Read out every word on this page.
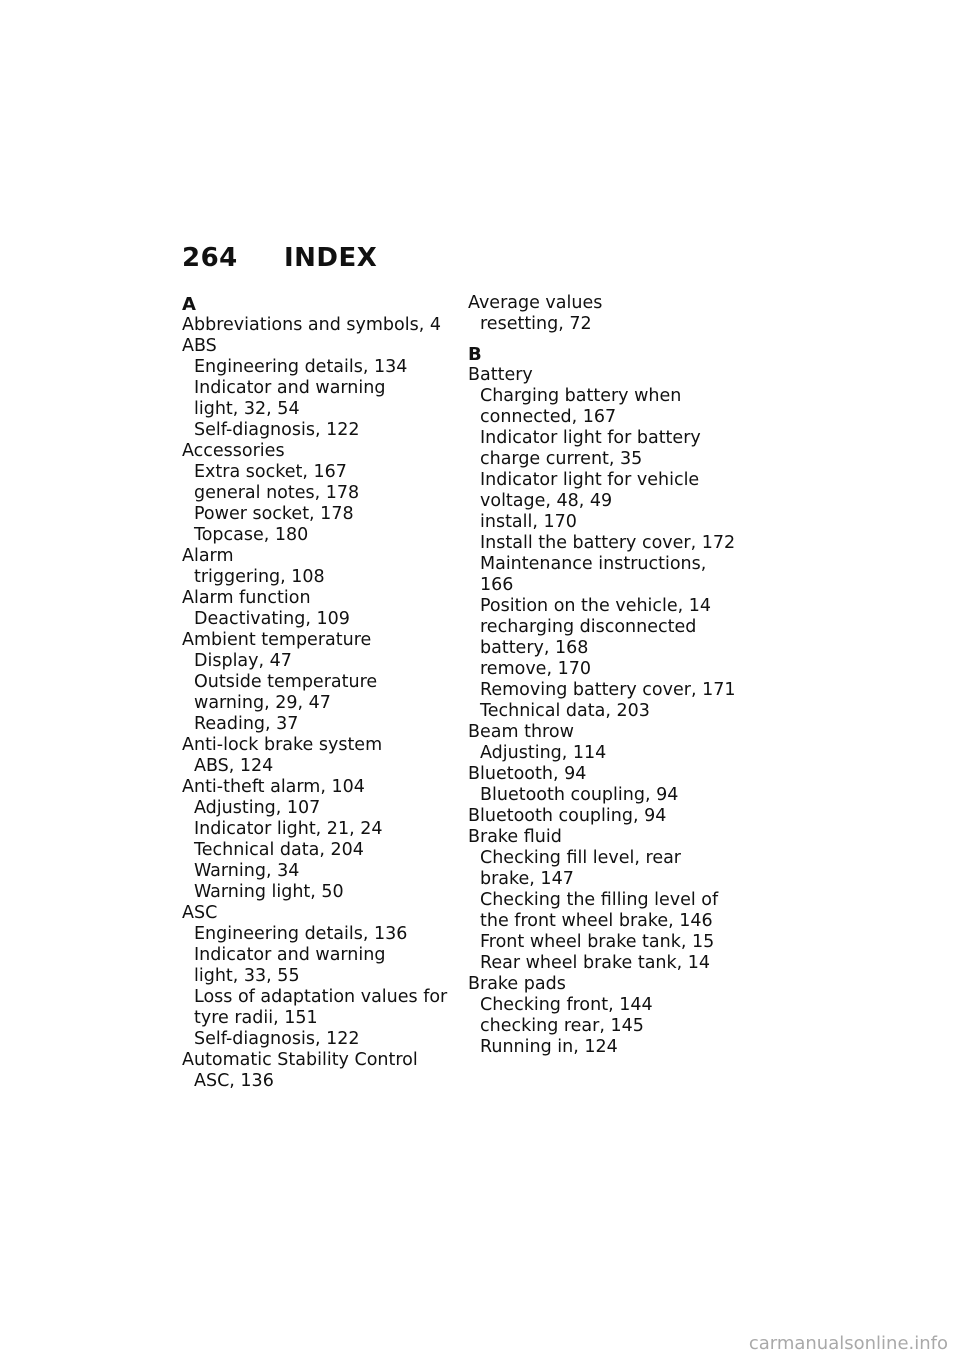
264	INDEX
A
Abbreviations and symbols, 4
ABS
Engineering details, 134
Indicator and warning
light, 32, 54
Self-diagnosis, 122
Accessories
Extra socket, 167
general notes, 178
Power socket, 178
Topcase, 180
Alarm
triggering, 108
Alarm function
Deactivating, 109
Ambient temperature
Display, 47
Outside temperature
warning, 29, 47
Reading, 37
Anti-lock brake system
ABS, 124
Anti-theft alarm, 104
Adjusting, 107
Indicator light, 21, 24
Technical data, 204
Warning, 34
Warning light, 50
ASC
Engineering details, 136
Indicator and warning
light, 33, 55
Loss of adaptation values for
tyre radii, 151
Self-diagnosis, 122
Automatic Stability Control
ASC, 136
Average values
resetting, 72
B
Battery
Charging battery when
connected, 167
Indicator light for battery
charge current, 35
Indicator light for vehicle
voltage, 48, 49
install, 170
Install the battery cover, 172
Maintenance instructions, 166
Position on the vehicle, 14
recharging disconnected
battery, 168
remove, 170
Removing battery cover, 171
Technical data, 203
Beam throw
Adjusting, 114
Bluetooth, 94
Bluetooth coupling, 94
Bluetooth coupling, 94
Brake fluid
Checking fill level, rear
brake, 147
Checking the filling level of
the front wheel brake, 146
Front wheel brake tank, 15
Rear wheel brake tank, 14
Brake pads
Checking front, 144
checking rear, 145
Running in, 124
carmanualsonline.info
